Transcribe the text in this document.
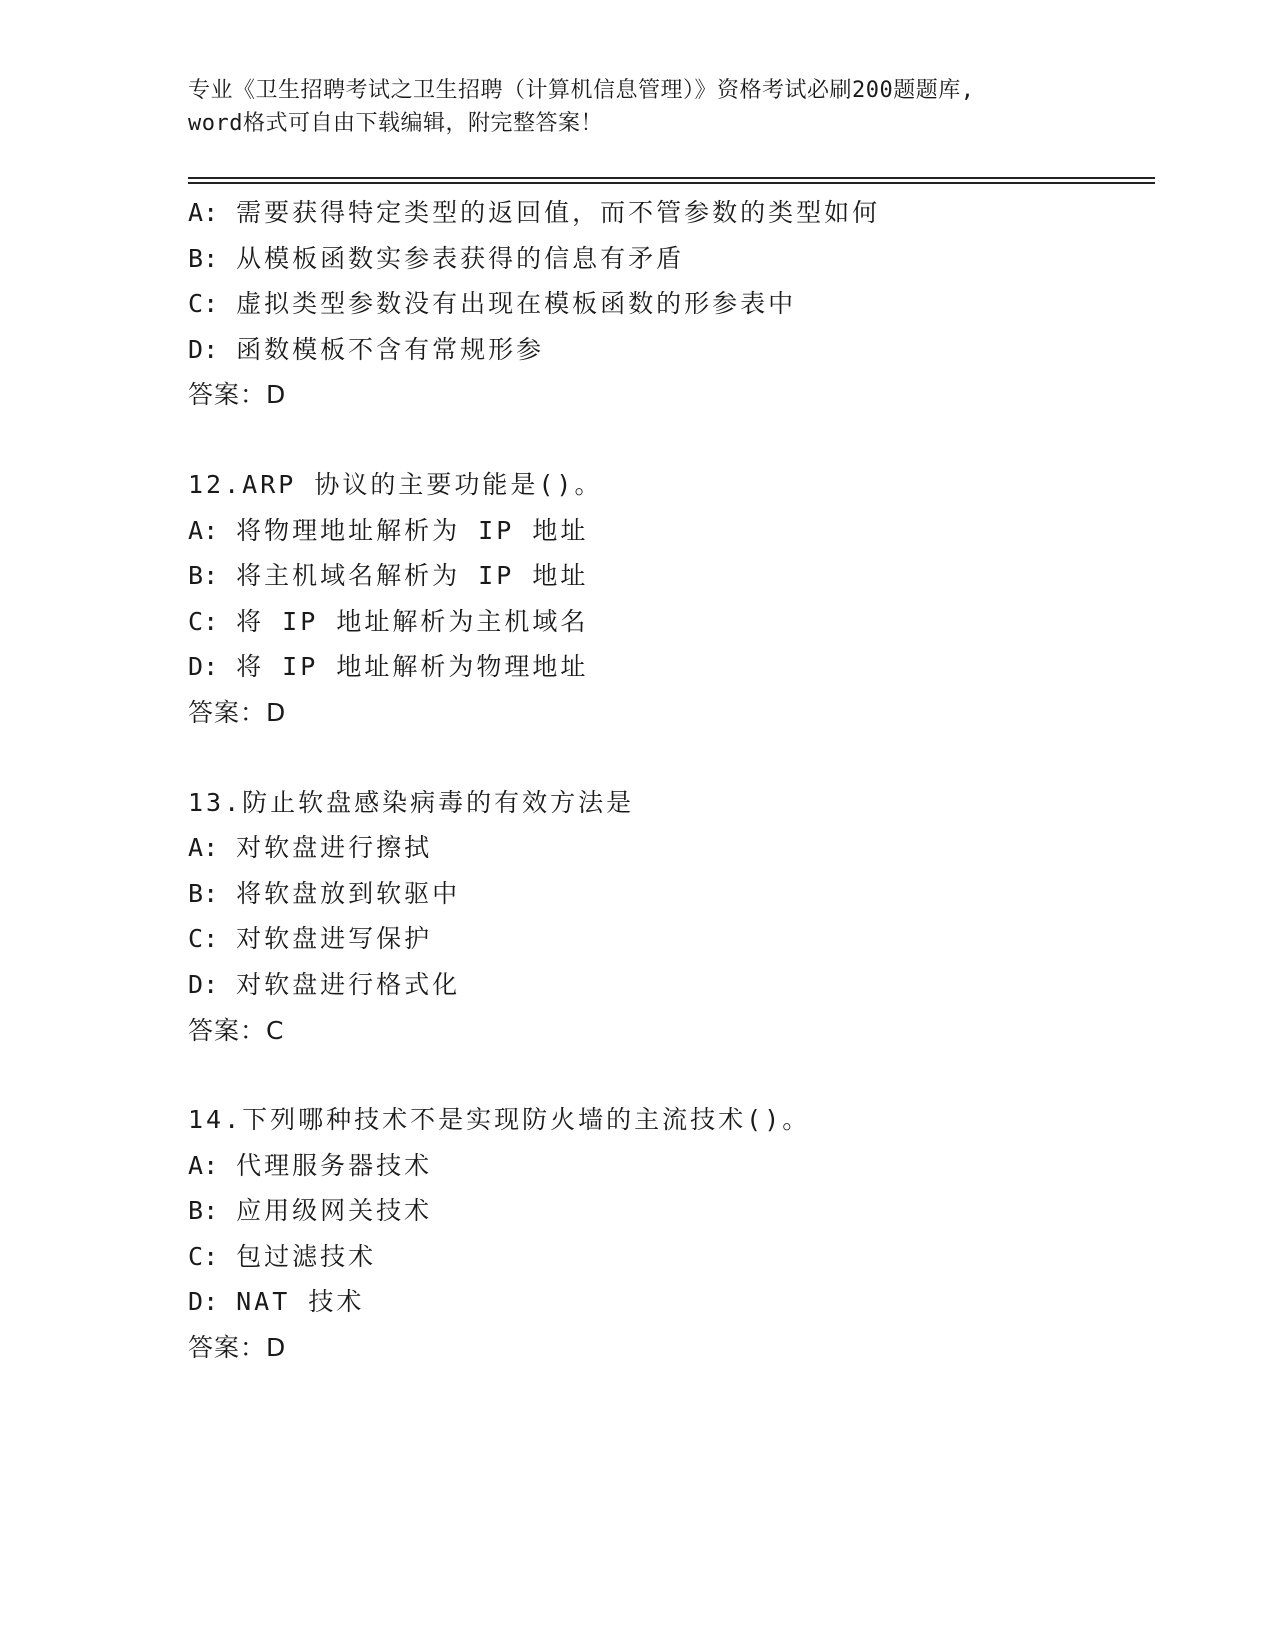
专业《卫生招聘考试之卫生招聘（计算机信息管理）》资格考试必刷200题题库,
word格式可自由下载编辑，附完整答案！
A: 需要获得特定类型的返回值，而不管参数的类型如何
B: 从模板函数实参表获得的信息有矛盾
C: 虚拟类型参数没有出现在模板函数的形参表中
D: 函数模板不含有常规形参
答案：D
12.ARP 协议的主要功能是()。
A: 将物理地址解析为 IP 地址
B: 将主机域名解析为 IP 地址
C: 将 IP 地址解析为主机域名
D: 将 IP 地址解析为物理地址
答案：D
13.防止软盘感染病毒的有效方法是
A: 对软盘进行擦拭
B: 将软盘放到软驱中
C: 对软盘进写保护
D: 对软盘进行格式化
答案：C
14.下列哪种技术不是实现防火墙的主流技术()。
A: 代理服务器技术
B: 应用级网关技术
C: 包过滤技术
D: NAT 技术
答案：D
